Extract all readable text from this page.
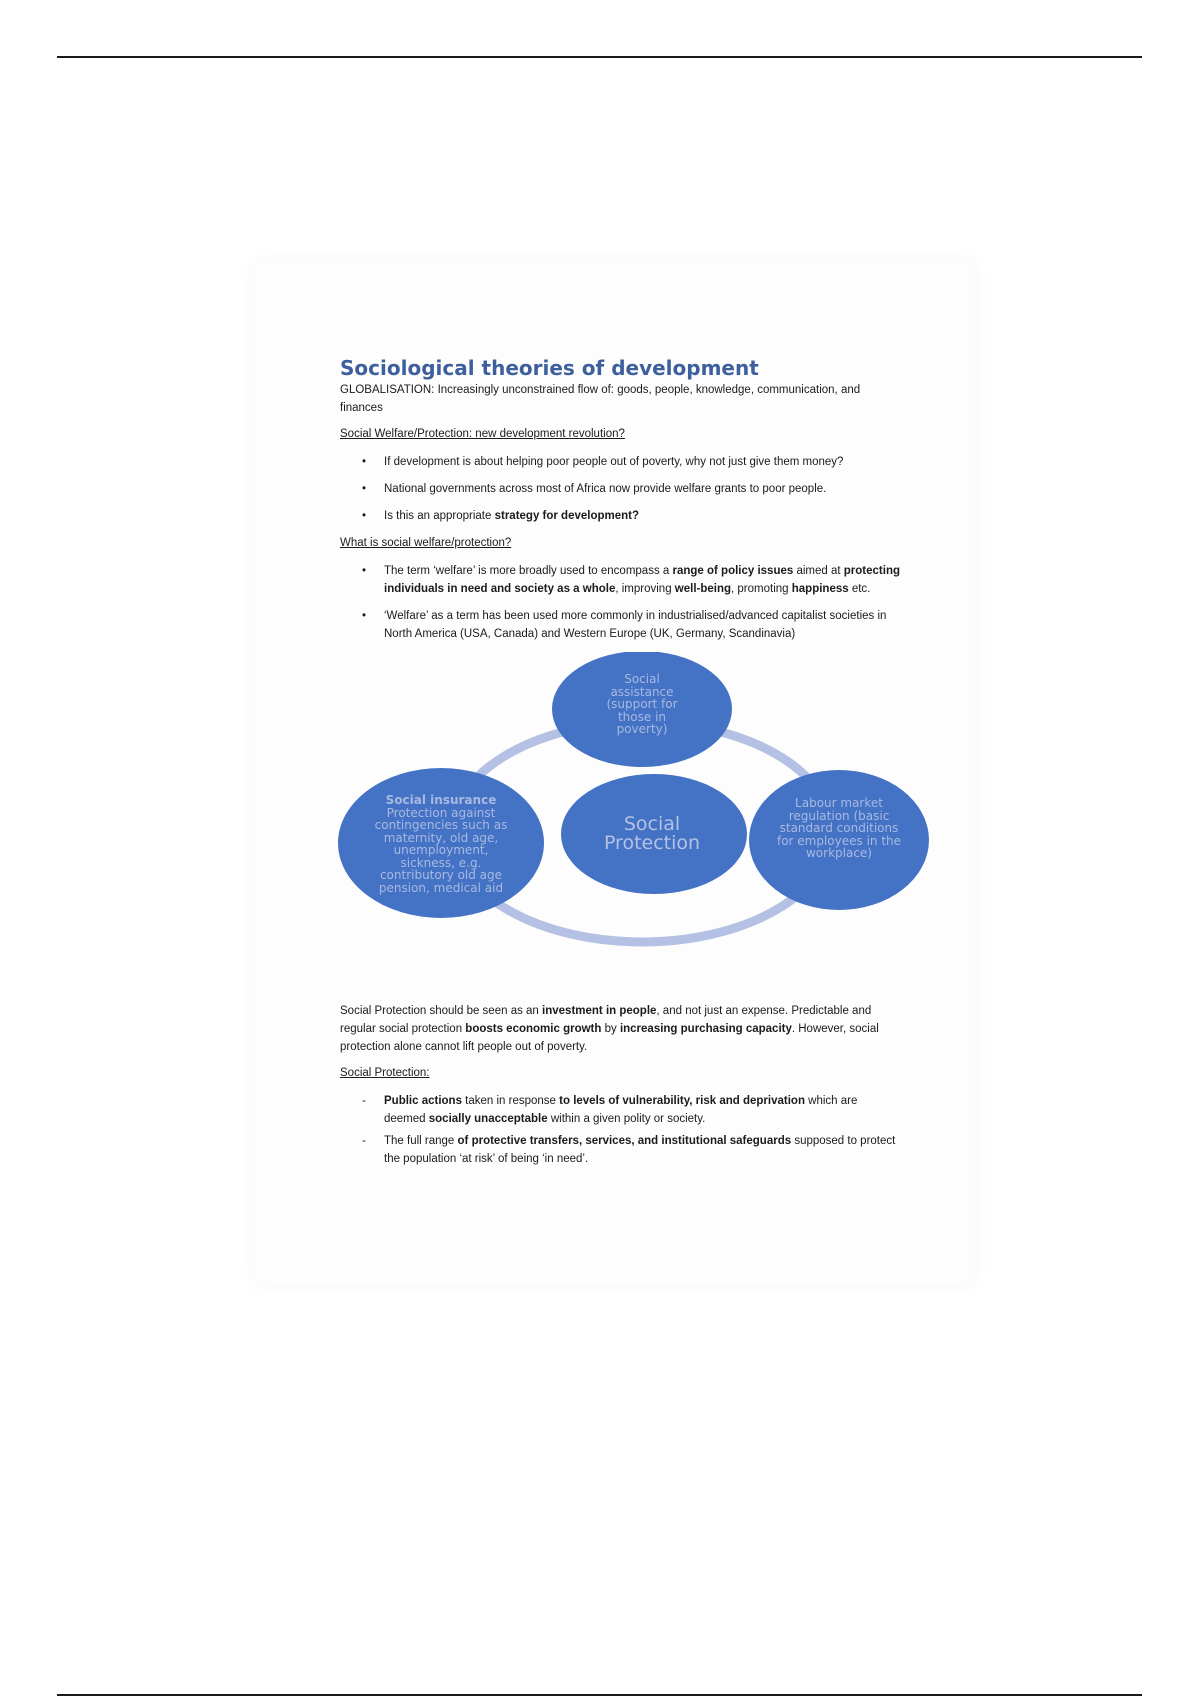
Sociological theories of development

GLOBALISATION: Increasingly unconstrained flow of: goods, people, knowledge, communication, and finances

Social Welfare/Protection: new development revolution?

• If development is about helping poor people out of poverty, why not just give them money?
• National governments across most of Africa now provide welfare grants to poor people.
• Is this an appropriate strategy for development?

What is social welfare/protection?

• The term ‘welfare’ is more broadly used to encompass a range of policy issues aimed at protecting individuals in need and society as a whole, improving well-being, promoting happiness etc.
• ‘Welfare’ as a term has been used more commonly in industrialised/advanced capitalist societies in North America (USA, Canada) and Western Europe (UK, Germany, Scandinavia)
Social assistance (support for those in poverty)
Social Protection
Social insurance
Protection against contingencies such as maternity, old age, unemployment, sickness, e.g. contributory old age pension, medical aid
Labour market regulation (basic standard conditions for employees in the workplace)

Social Protection should be seen as an investment in people, and not just an expense. Predictable and regular social protection boosts economic growth by increasing purchasing capacity. However, social protection alone cannot lift people out of poverty.

Social Protection:

- Public actions taken in response to levels of vulnerability, risk and deprivation which are deemed socially unacceptable within a given polity or society.
- The full range of protective transfers, services, and institutional safeguards supposed to protect the population ‘at risk’ of being ‘in need’.
